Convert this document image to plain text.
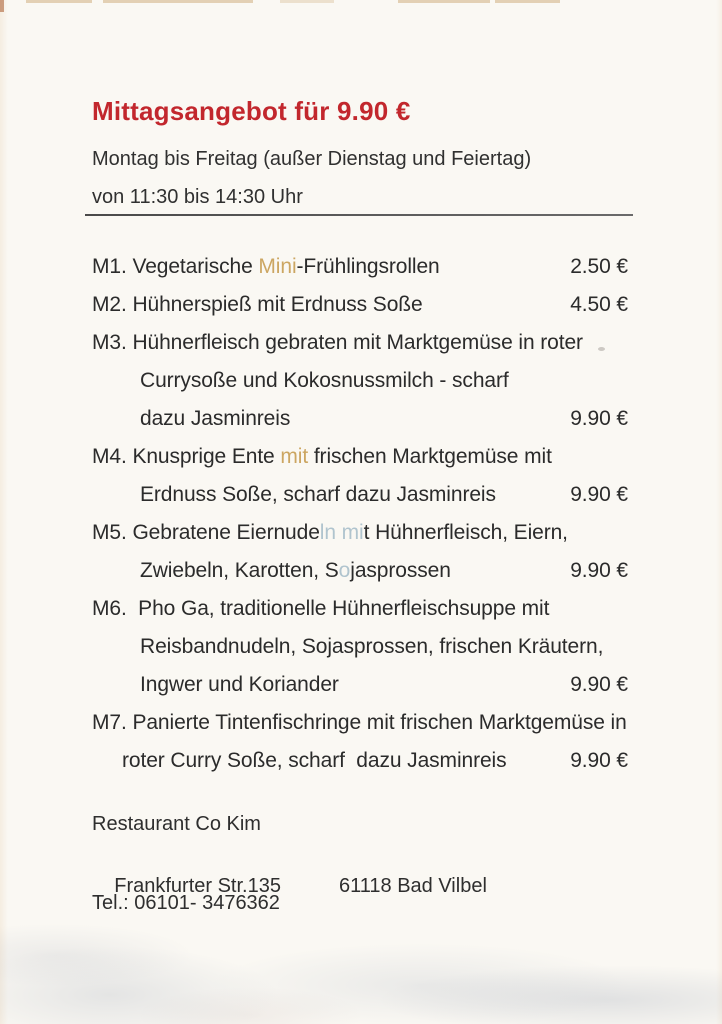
Mittagsangebot für 9.90 €
Montag bis Freitag (außer Dienstag und Feiertag)
von 11:30 bis 14:30 Uhr
M1. Vegetarische Mini-Frühlingsrollen	2.50 €
M2. Hühnerspieß mit Erdnuss Soße	4.50 €
M3. Hühnerfleisch gebraten mit Marktgemüse in roter
Currysoße und Kokosnussmilch - scharf
dazu Jasminreis	9.90 €
M4. Knusprige Ente mit frischen Marktgemüse mit
Erdnuss Soße, scharf dazu Jasminreis	9.90 €
M5. Gebratene Eiernudeln mit Hühnerfleisch, Eiern,
Zwiebeln, Karotten, Sojasprossen	9.90 €
M6.  Pho Ga, traditionelle Hühnerfleischsuppe mit
Reisbandnudeln, Sojasprossen, frischen Kräutern,
Ingwer und Koriander	9.90 €
M7. Panierte Tintenfischringe mit frischen Marktgemüse in
roter Curry Soße, scharf  dazu Jasminreis	9.90 €
Restaurant Co Kim

Frankfurter Str.135	61118 Bad Vilbel

Tel.: 06101- 3476362
